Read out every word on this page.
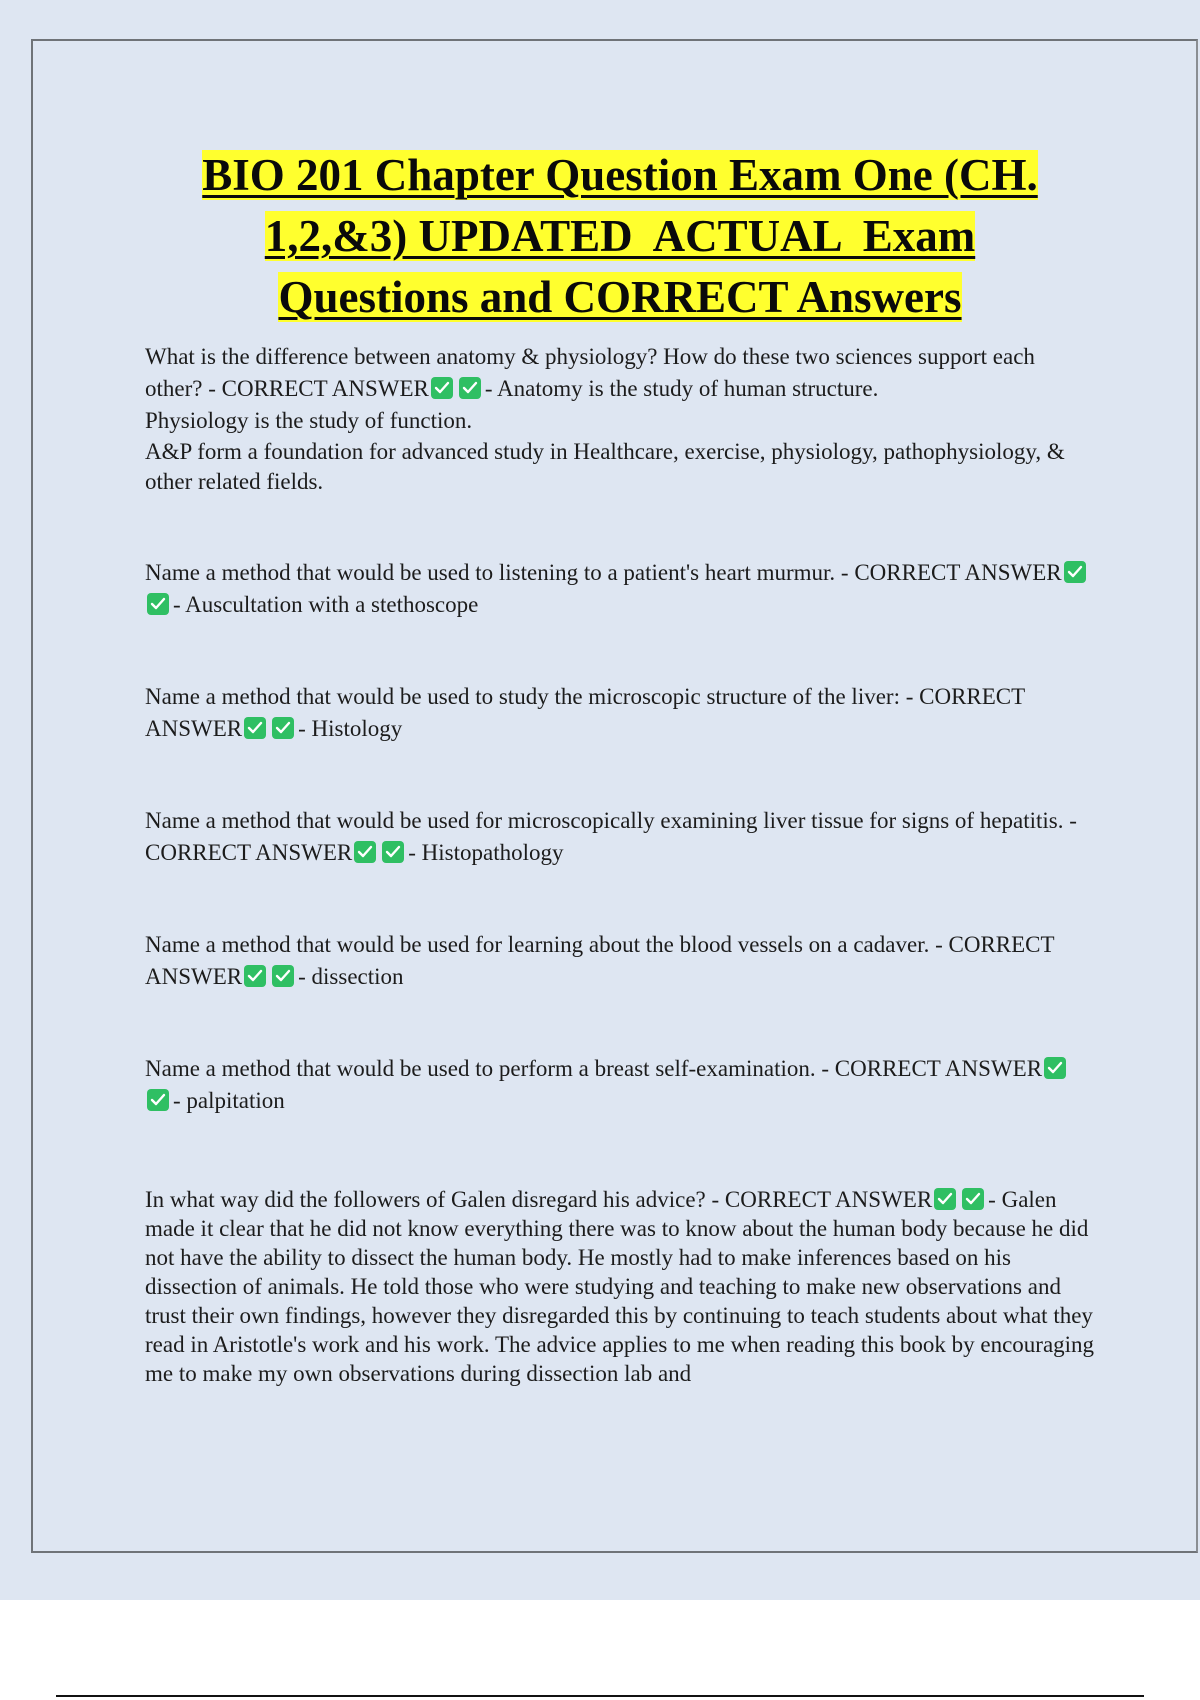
BIO 201 Chapter Question Exam One (CH.
1,2,&3) UPDATED  ACTUAL  Exam
Questions and CORRECT Answers

What is the difference between anatomy & physiology? How do these two sciences support each other? - CORRECT ANSWER - Anatomy is the study of human structure.

Physiology is the study of function.

A&P form a foundation for advanced study in Healthcare, exercise, physiology, pathophysiology, & other related fields.

Name a method that would be used to listening to a patient's heart murmur. - CORRECT ANSWER
- Auscultation with a stethoscope

Name a method that would be used to study the microscopic structure of the liver: - CORRECT ANSWER - Histology

Name a method that would be used for microscopically examining liver tissue for signs of hepatitis. - CORRECT ANSWER - Histopathology

Name a method that would be used for learning about the blood vessels on a cadaver. - CORRECT ANSWER - dissection

Name a method that would be used to perform a breast self-examination. - CORRECT ANSWER
- palpitation

In what way did the followers of Galen disregard his advice? - CORRECT ANSWER - Galen made it clear that he did not know everything there was to know about the human body because he did not have the ability to dissect the human body. He mostly had to make inferences based on his dissection of animals. He told those who were studying and teaching to make new observations and trust their own findings, however they disregarded this by continuing to teach students about what they read in Aristotle's work and his work. The advice applies to me when reading this book by encouraging me to make my own observations during dissection lab and
